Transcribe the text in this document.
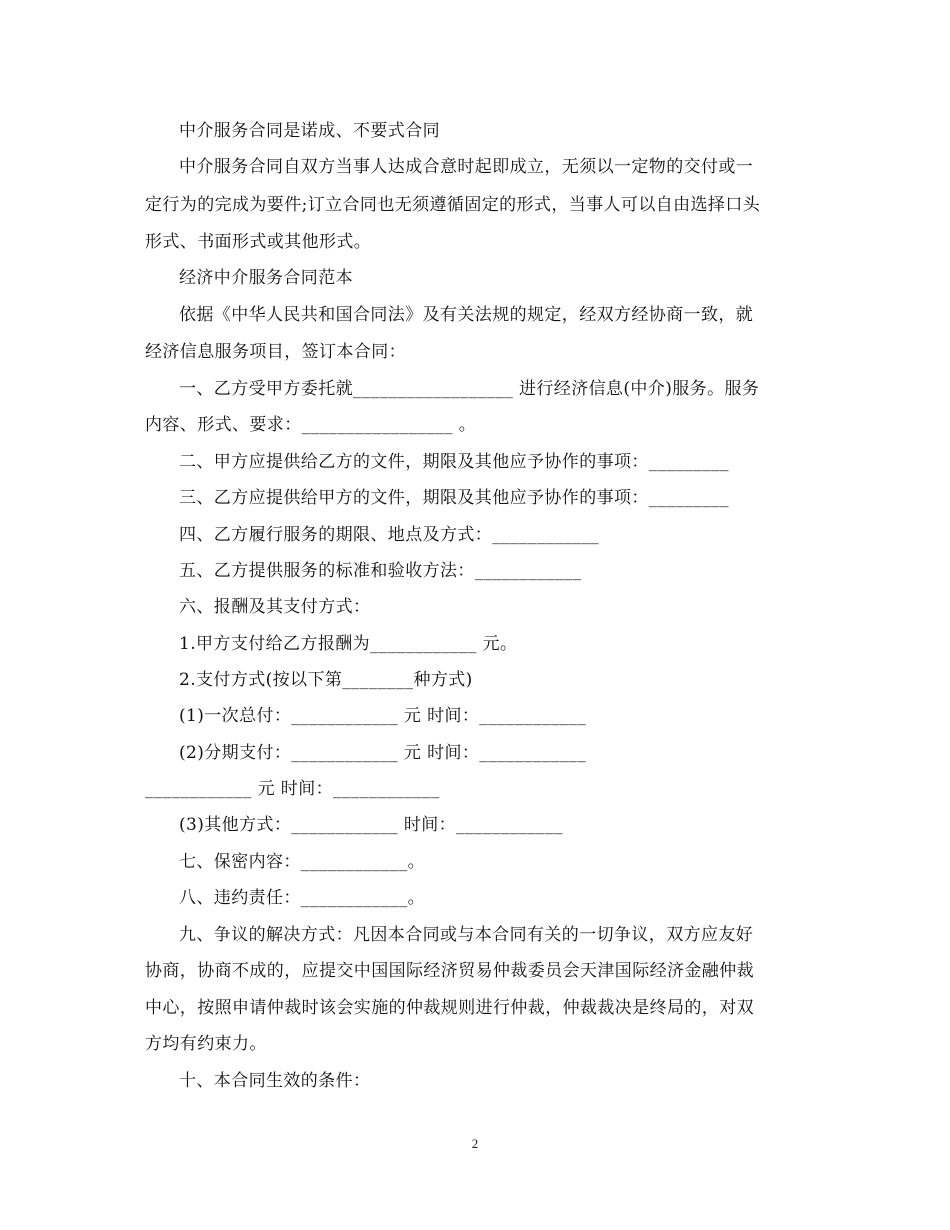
中介服务合同是诺成、不要式合同
中介服务合同自双方当事人达成合意时起即成立，无须以一定物的交付或一
定行为的完成为要件;订立合同也无须遵循固定的形式，当事人可以自由选择口头
形式、书面形式或其他形式。
经济中介服务合同范本
依据《中华人民共和国合同法》及有关法规的规定，经双方经协商一致，就
经济信息服务项目，签订本合同：
一、乙方受甲方委托就__________________ 进行经济信息(中介)服务。服务
内容、形式、要求：_________________ 。
二、甲方应提供给乙方的文件，期限及其他应予协作的事项：_________
三、乙方应提供给甲方的文件，期限及其他应予协作的事项：_________
四、乙方履行服务的期限、地点及方式：____________
五、乙方提供服务的标准和验收方法：____________
六、报酬及其支付方式：
1.甲方支付给乙方报酬为____________ 元。
2.支付方式(按以下第________种方式)
(1)一次总付：____________ 元 时间：____________
(2)分期支付：____________ 元 时间：____________
____________ 元 时间：____________
(3)其他方式：____________ 时间：____________
七、保密内容：____________。
八、违约责任：____________。
九、争议的解决方式：凡因本合同或与本合同有关的一切争议，双方应友好
协商，协商不成的，应提交中国国际经济贸易仲裁委员会天津国际经济金融仲裁
中心，按照申请仲裁时该会实施的仲裁规则进行仲裁，仲裁裁决是终局的，对双
方均有约束力。
十、本合同生效的条件：
2
